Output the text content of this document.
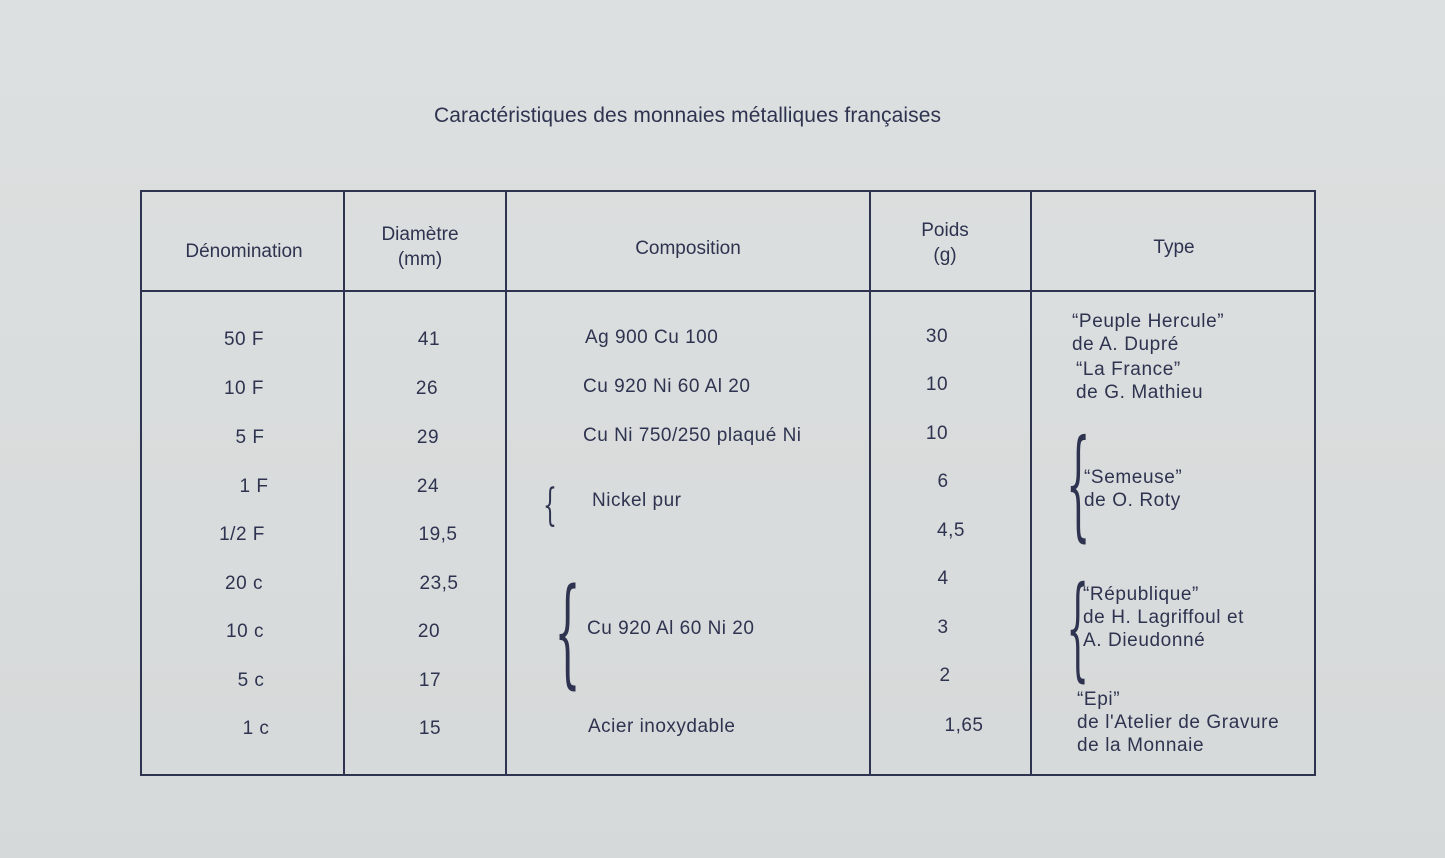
Caractéristiques des monnaies métalliques françaises
Dénomination
Diamètre
(mm)
Composition
Poids
(g)	Type
50 F
10 F
5 F
1 F
1/2 F
20 c
10 c
5 c
1 c
41
26
29
24
19,5
23,5
20
17
15
Ag 900 Cu 100
Cu 920 Ni 60 Al 20
Cu Ni 750/250 plaqué Ni
{ Nickel pur
{ Cu 920 Al 60 Ni 20
Acier inoxydable
30
10
10
6
4,5
4
3
2
1,65
“Peuple Hercule”
de A. Dupré
“La France”
de G. Mathieu
{
“Semeuse”
de O. Roty
{
“République”
de H. Lagriffoul et
A. Dieudonné
“Epi”
de l'Atelier de Gravure
de la Monnaie
